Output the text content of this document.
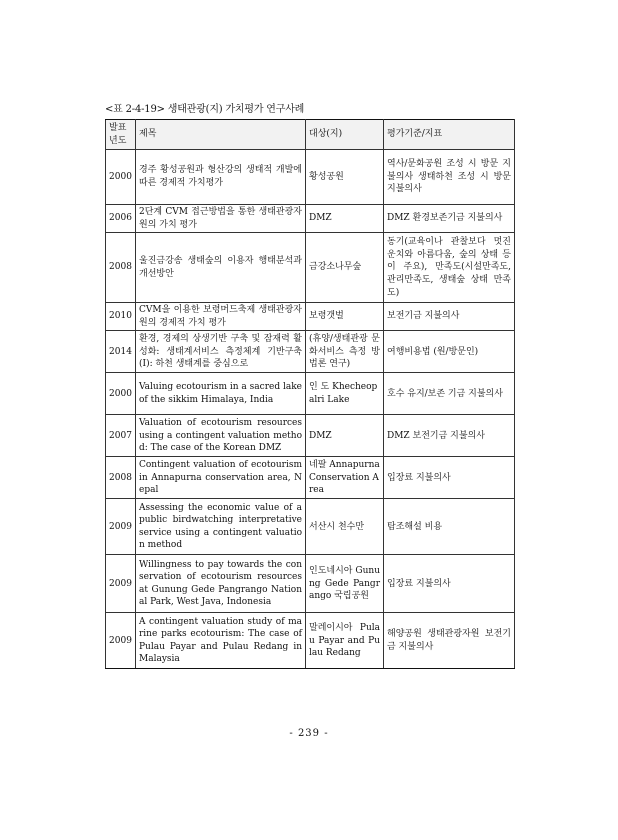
<표 2-4-19> 생태관광(지) 가치평가 연구사례
발표 년도	제목	대상(지)	평가기준/지표
2000	경주 황성공원과 형산강의 생태적 개발에 따른 경제적 가치평가	황성공원	역사/문화공원 조성 시 방문 지불의사 생태하천 조성 시 방문 지불의사
2006	2단계 CVM 접근방법을 통한 생태관광자원의 가치 평가	DMZ	DMZ 환경보존기금 지불의사
2008	울진금강송 생태숲의 이용자 행태분석과 개선방안	금강소나무숲	동기(교육이나 관찰보다 멋진 운치와 아름다움, 숲의 상태 등이 주요), 만족도(시설만족도, 관리만족도, 생태숲 상태 만족도)
2010	CVM을 이용한 보령머드축제 생태관광자원의 경제적 가치 평가	보령갯벌	보전기금 지불의사
2014	환경, 경제의 상생기반 구축 및 잠재력 활성화: 생태계서비스 측정체계 기반구축(I): 하천 생태계를 중심으로	(휴양/생태관광 문화서비스 측정 방법론 연구)	여행비용법 (원/방문인)
2000	Valuing ecotourism in a sacred lake of the sikkim Himalaya, India	인 도 Khecheopalri Lake	호수 유지/보존 기금 지불의사
2007	Valuation of ecotourism resources using a contingent valuation method: The case of the Korean DMZ	DMZ	DMZ 보전기금 지불의사
2008	Contingent valuation of ecotourism in Annapurna conservation area, Nepal	네팔 Annapurna Conservation Area	입장료 지불의사
2009	Assessing the economic value of a public birdwatching interpretative service using a contingent valuation method	서산시 천수만	탐조해설 비용
2009	Willingness to pay towards the conservation of ecotourism resources at Gunung Gede Pangrango National Park, West Java, Indonesia	인도네시아 Gunung Gede Pangrango 국립공원	입장료 지불의사
2009	A contingent valuation study of marine parks ecotourism: The case of Pulau Payar and Pulau Redang in Malaysia	말레이시아 Pulau Payar and Pulau Redang	해양공원 생태관광자원 보전기금 지불의사
- 239 -
